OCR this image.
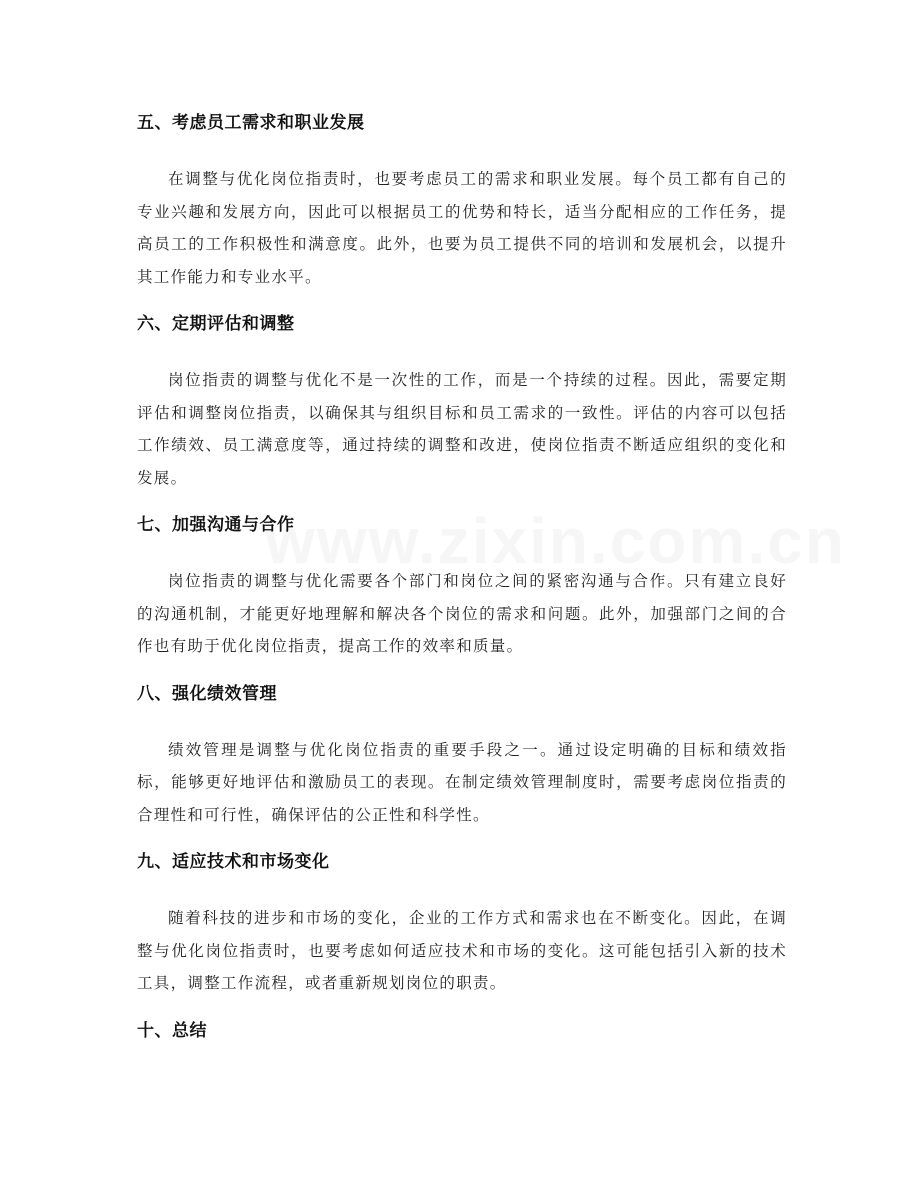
www.zixin.com.cn
五、考虑员工需求和职业发展

在调整与优化岗位指责时，也要考虑员工的需求和职业发展。每个员工都有自己的专业兴趣和发展方向，因此可以根据员工的优势和特长，适当分配相应的工作任务，提高员工的工作积极性和满意度。此外，也要为员工提供不同的培训和发展机会，以提升其工作能力和专业水平。

六、定期评估和调整

岗位指责的调整与优化不是一次性的工作，而是一个持续的过程。因此，需要定期评估和调整岗位指责，以确保其与组织目标和员工需求的一致性。评估的内容可以包括工作绩效、员工满意度等，通过持续的调整和改进，使岗位指责不断适应组织的变化和发展。

七、加强沟通与合作

岗位指责的调整与优化需要各个部门和岗位之间的紧密沟通与合作。只有建立良好的沟通机制，才能更好地理解和解决各个岗位的需求和问题。此外，加强部门之间的合作也有助于优化岗位指责，提高工作的效率和质量。

八、强化绩效管理

绩效管理是调整与优化岗位指责的重要手段之一。通过设定明确的目标和绩效指标，能够更好地评估和激励员工的表现。在制定绩效管理制度时，需要考虑岗位指责的合理性和可行性，确保评估的公正性和科学性。

九、适应技术和市场变化

随着科技的进步和市场的变化，企业的工作方式和需求也在不断变化。因此，在调整与优化岗位指责时，也要考虑如何适应技术和市场的变化。这可能包括引入新的技术工具，调整工作流程，或者重新规划岗位的职责。

十、总结
